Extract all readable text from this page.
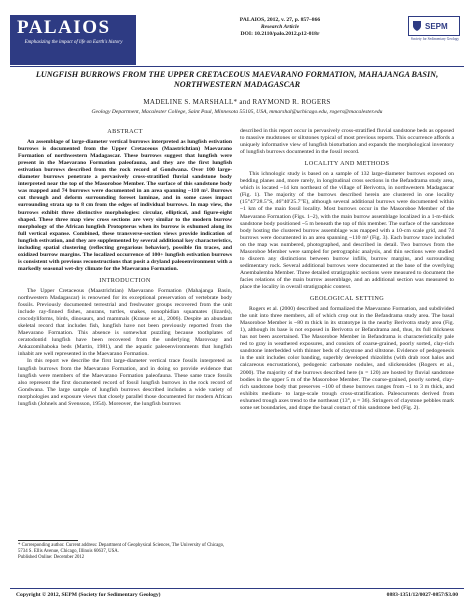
PALAIOS
Emphasizing the impact of life on Earth's history
PALAIOS, 2012, v. 27, p. 857–866
Research Article
DOI: 10.2110/palo.2012.p12-018r
SEPM
Society for Sedimentary Geology
LUNGFISH BURROWS FROM THE UPPER CRETACEOUS MAEVARANO FORMATION, MAHAJANGA BASIN, NORTHWESTERN MADAGASCAR
MADELINE S. MARSHALL* and RAYMOND R. ROGERS
Geology Department, Macalester College, Saint Paul, Minnesota 55105, USA, mmarshal@uchicago.edu, rogers@macalester.edu
ABSTRACT

An assemblage of large-diameter vertical burrows interpreted as lungfish estivation burrows is documented from the Upper Cretaceous (Maastrichtian) Maevarano Formation of northwestern Madagascar. These burrows suggest that lungfish were present in the Maevarano Formation paleofauna, and they are the first lungfish estivation burrows described from the rock record of Gondwana. Over 100 large-diameter burrows penetrate a pervasively cross-stratified fluvial sandstone body interpreted near the top of the Masoroboe Member. The surface of this sandstone body was mapped and 74 burrows were documented in an area spanning ~110 m². Burrows cut through and deform surrounding foreset laminae, and in some cases impact surrounding strata up to 8 cm from the edges of individual burrows. In map view, the burrows exhibit three distinctive morphologies: circular, elliptical, and figure-eight shaped. These three map view cross sections are very similar to the modern burrow morphology of the African lungfish Protopterus when its burrow is exhumed along its full vertical expanse. Combined, these transverse-section views provide indication of lungfish estivation, and they are supplemented by several additional key characteristics, including spatial clustering (reflecting gregarious behavior), possible fin traces, and oxidized burrow margins. The localized occurrence of 100+ lungfish estivation burrows is consistent with previous reconstructions that posit a dryland paleoenvironment with a markedly seasonal wet-dry climate for the Maevarano Formation.

INTRODUCTION

The Upper Cretaceous (Maastrichtian) Maevarano Formation (Mahajanga Basin, northwestern Madagascar) is renowned for its exceptional preservation of vertebrate body fossils. Previously documented terrestrial and freshwater groups recovered from the unit include ray-finned fishes, anurans, turtles, snakes, nonophidian squamates (lizards), crocodyliforms, birds, dinosaurs, and mammals (Krause et al., 2006). Despite an abundant skeletal record that includes fish, lungfish have not been previously reported from the Maevarano Formation. This absence is somewhat puzzling because toothplates of ceratodontid lungfish have been recovered from the underlying Marovoay and Ankazomihaboka beds (Martin, 1981), and the aquatic paleoenvironments that lungfish inhabit are well represented in the Maevarano Formation.

In this report we describe the first large-diameter vertical trace fossils interpreted as lungfish burrows from the Maevarano Formation, and in doing so provide evidence that lungfish were members of the Maevarano Formation paleofauna. These same trace fossils also represent the first documented record of fossil lungfish burrows in the rock record of Gondwana. The large sample of lungfish burrows described includes a wide variety of morphologies and exposure views that closely parallel those documented for modern African lungfish (Johnels and Svensson, 1954). Moreover, the lungfish burrows

* Corresponding author. Current address: Department of Geophysical Sciences, The University of Chicago, 5734 S. Ellis Avenue, Chicago, Illinois 60637, USA.
Published Online: December 2012

described in this report occur in pervasively cross-stratified fluvial sandstone beds as opposed to massive mudstones or siltstones typical of most previous reports. This occurrence affords a uniquely informative view of lungfish bioturbation and expands the morphological inventory of lungfish burrows documented in the fossil record.

LOCALITY AND METHODS

This ichnologic study is based on a sample of 132 large-diameter burrows exposed on bedding planes and, more rarely, in longitudinal cross sections in the Befandrama study area, which is located ~14 km northeast of the village of Berivotra, in northwestern Madagascar (Fig. 1). The majority of the burrows described herein are clustered in one locality (15°47′28.5″S, 46°40′25.7″E), although several additional burrows were documented within ~1 km of the main fossil locality. Most burrows occur in the Masoroboe Member of the Maevarano Formation (Figs. 1–2), with the main burrow assemblage localized in a 1-m-thick sandstone body positioned ~5 m beneath the top of this member. The surface of the sandstone body hosting the clustered burrow assemblage was mapped with a 10-cm scale grid, and 74 burrows were documented in an area spanning ~110 m² (Fig. 3). Each burrow trace included on the map was numbered, photographed, and described in detail. Two burrows from the Masoroboe Member were sampled for petrographic analysis, and thin sections were studied to discern any distinctions between burrow infills, burrow margins, and surrounding sedimentary rock. Several additional burrows were documented at the base of the overlying Anembalemba Member. Three detailed stratigraphic sections were measured to document the facies relations of the main burrow assemblage, and an additional section was measured to place the locality in overall stratigraphic context.

GEOLOGICAL SETTING

Rogers et al. (2000) described and formalized the Maevarano Formation, and subdivided the unit into three members, all of which crop out in the Befandrama study area. The basal Masoroboe Member is ~80 m thick in its stratotype in the nearby Berivotra study area (Fig. 1), although its base is not exposed in Berivotra or Befandrama and, thus, its full thickness has not been ascertained. The Masoroboe Member in Befandrama is characteristically pale red to gray in weathered exposures, and consists of coarse-grained, poorly sorted, clay-rich sandstone interbedded with thinner beds of claystone and siltstone. Evidence of pedogenesis in the unit includes color banding, superbly developed rhizoliths (with drab root halos and calcareous encrustations), pedogenic carbonate nodules, and slickensides (Rogers et al., 2000). The majority of the burrows described here (n = 120) are hosted by fluvial sandstone bodies in the upper 5 m of the Masoroboe Member. The coarse-grained, poorly sorted, clay-rich sandstone body that preserves ~100 of these burrows ranges from ~1 to 3 m thick, and exhibits medium- to large-scale trough cross-stratification. Paleocurrents derived from exhumed trough axes trend to the northeast (13°, n = 36). Stringers of claystone pebbles mark some set boundaries, and drape the basal contact of this sandstone bed (Fig. 2).

Copyright © 2012, SEPM (Society for Sedimentary Geology)	0883-1351/12/0027-0857/$3.00
